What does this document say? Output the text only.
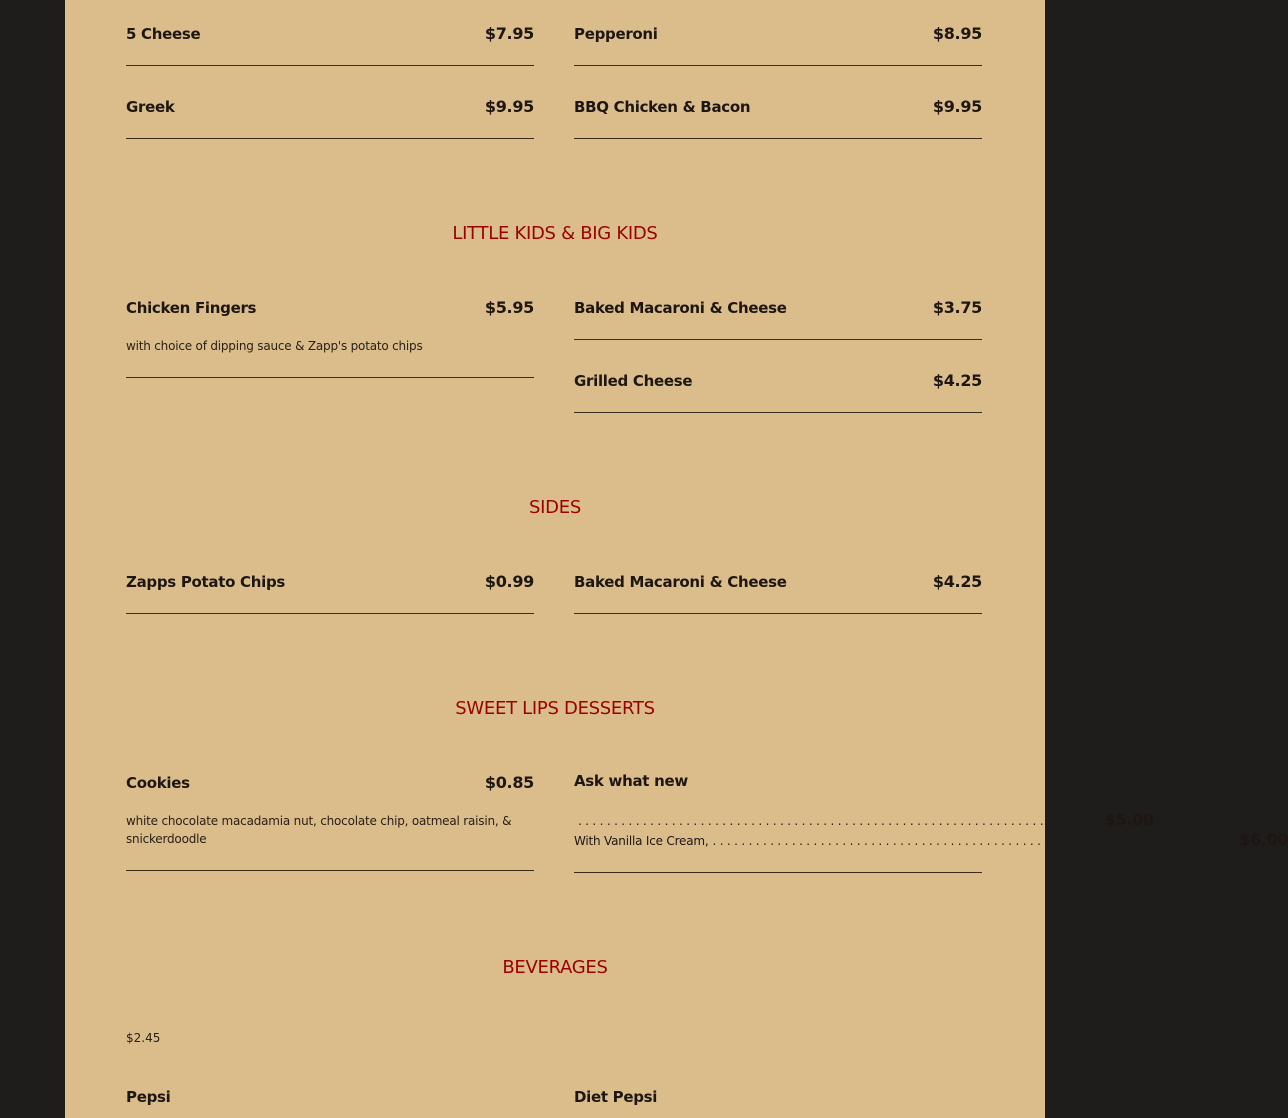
5 Cheese	$7.95	Pepperoni	$8.95
Greek	$9.95	BBQ Chicken & Bacon	$9.95
LITTLE KIDS & BIG KIDS
Chicken Fingers	$5.95
with choice of dipping sauce & Zapp's potato chips
Baked Macaroni & Cheese	$3.75
Grilled Cheese	$4.25
SIDES
Zapps Potato Chips	$0.99	Baked Macaroni & Cheese	$4.25
SWEET LIPS DESSERTS
Cookies	$0.85
white chocolate macadamia nut, chocolate chip, oatmeal raisin, & snickerdoodle
Ask what new
......................................................................... $5.00
With Vanilla Ice Cream, ......................................................................... $6.00
BEVERAGES
$2.45
Pepsi	Diet Pepsi
